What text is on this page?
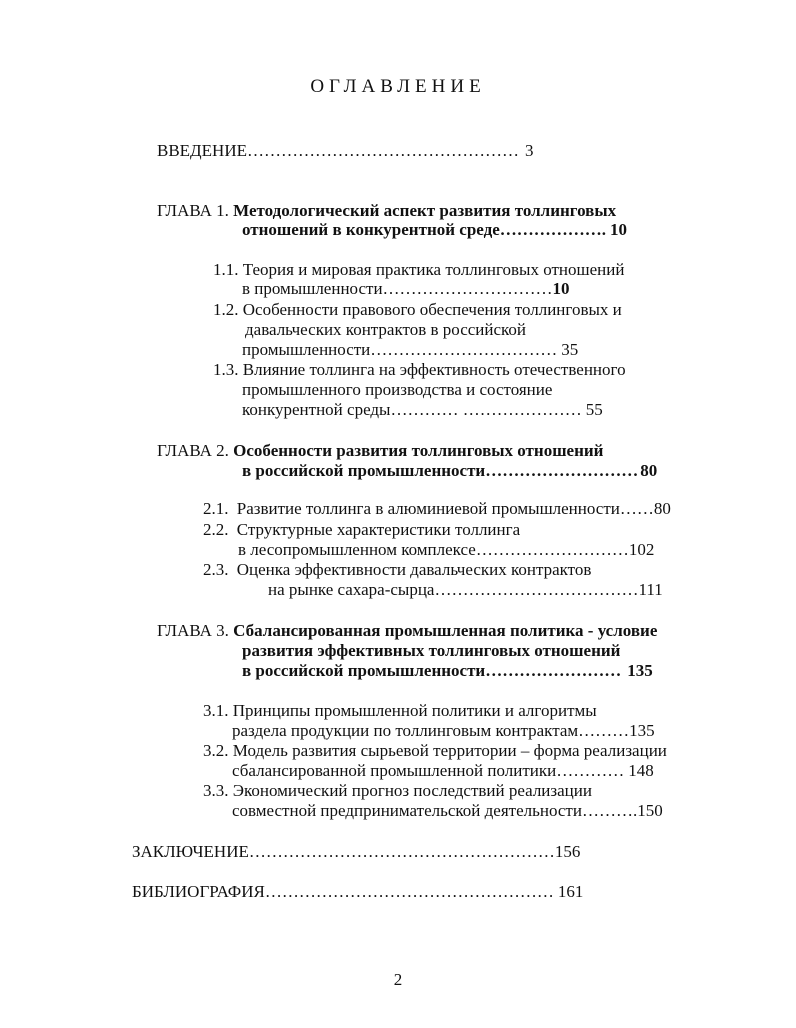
ОГЛАВЛЕНИЕ
ВВЕДЕНИЕ………………………………………… 3
ГЛАВА 1. Методологический аспект развития толлинговых
отношений в конкурентной среде………………. 10
1.1. Теория и мировая практика толлинговых отношений
в промышленности…………………………10
1.2. Особенности правового обеспечения толлинговых и
давальческих контрактов в российской
промышленности…………………………… 35
1.3. Влияние толлинга на эффективность отечественного
промышленного производства и состояние
конкурентной среды………… ………………… 55
ГЛАВА 2. Особенности развития толлинговых отношений
в российской промышленности……………………… 80
2.1. Развитие толлинга в алюминиевой промышленности……80
2.2. Структурные характеристики толлинга
в лесопромышленном комплексе………………………102
2.3. Оценка эффективности давальческих контрактов
на рынке сахара-сырца………………………………111
ГЛАВА 3. Сбалансированная промышленная политика - условие
развития эффективных толлинговых отношений
в российской промышленности…………………… 135
3.1. Принципы промышленной политики и алгоритмы
раздела продукции по толлинговым контрактам………135
3.2. Модель развития сырьевой территории – форма реализации
сбалансированной промышленной политики………… 148
3.3. Экономический прогноз последствий реализации
совместной предпринимательской деятельности……….150
ЗАКЛЮЧЕНИЕ………………………………………………156
БИБЛИОГРАФИЯ…………………………………………… 161
2
